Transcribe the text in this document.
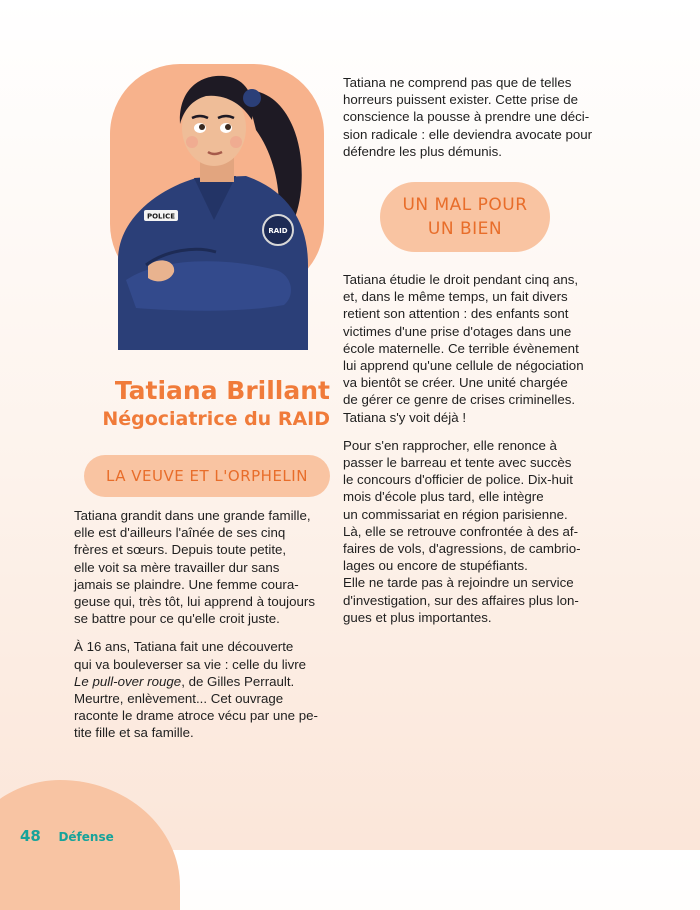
POLICE
RAID
Tatiana Brillant
Négociatrice du RAID
LA VEUVE ET L'ORPHELIN
UN MAL POUR
UN BIEN

Tatiana grandit dans une grande famille,
elle est d'ailleurs l'aînée de ses cinq
frères et sœurs. Depuis toute petite,
elle voit sa mère travailler dur sans
jamais se plaindre. Une femme coura-
geuse qui, très tôt, lui apprend à toujours
se battre pour ce qu'elle croit juste.

À 16 ans, Tatiana fait une découverte
qui va bouleverser sa vie : celle du livre
Le pull-over rouge, de Gilles Perrault.
Meurtre, enlèvement... Cet ouvrage
raconte le drame atroce vécu par une pe-
tite fille et sa famille.

Tatiana ne comprend pas que de telles
horreurs puissent exister. Cette prise de
conscience la pousse à prendre une déci-
sion radicale : elle deviendra avocate pour
défendre les plus démunis.

Tatiana étudie le droit pendant cinq ans,
et, dans le même temps, un fait divers
retient son attention : des enfants sont
victimes d'une prise d'otages dans une
école maternelle. Ce terrible évènement
lui apprend qu'une cellule de négociation
va bientôt se créer. Une unité chargée
de gérer ce genre de crises criminelles.
Tatiana s'y voit déjà !

Pour s'en rapprocher, elle renonce à
passer le barreau et tente avec succès
le concours d'officier de police. Dix-huit
mois d'école plus tard, elle intègre
un commissariat en région parisienne.
Là, elle se retrouve confrontée à des af-
faires de vols, d'agressions, de cambrio-
lages ou encore de stupéfiants.
Elle ne tarde pas à rejoindre un service
d'investigation, sur des affaires plus lon-
gues et plus importantes.

48 Défense
